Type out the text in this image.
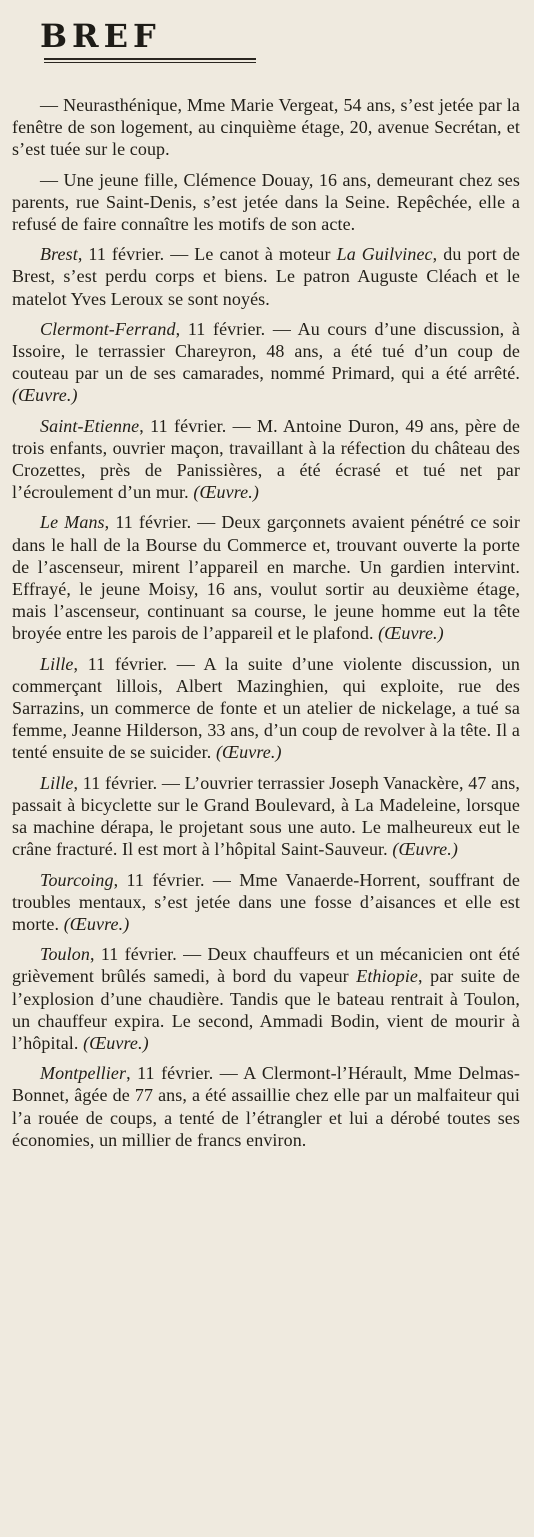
BREF

— Neurasthénique, Mme Marie Vergeat, 54 ans, s’est jetée par la fenêtre de son logement, au cinquième étage, 20, avenue Secrétan, et s’est tuée sur le coup.

— Une jeune fille, Clémence Douay, 16 ans, demeurant chez ses parents, rue Saint-Denis, s’est jetée dans la Seine. Repêchée, elle a refusé de faire connaître les motifs de son acte.

Brest, 11 février. — Le canot à moteur La Guilvinec, du port de Brest, s’est perdu corps et biens. Le patron Auguste Cléach et le matelot Yves Leroux se sont noyés.

Clermont-Ferrand, 11 février. — Au cours d’une discussion, à Issoire, le terrassier Chareyron, 48 ans, a été tué d’un coup de couteau par un de ses camarades, nommé Primard, qui a été arrêté. (Œuvre.)

Saint-Etienne, 11 février. — M. Antoine Duron, 49 ans, père de trois enfants, ouvrier maçon, travaillant à la réfection du château des Crozettes, près de Panissières, a été écrasé et tué net par l’écroulement d’un mur. (Œuvre.)

Le Mans, 11 février. — Deux garçonnets avaient pénétré ce soir dans le hall de la Bourse du Commerce et, trouvant ouverte la porte de l’ascenseur, mirent l’appareil en marche. Un gardien intervint. Effrayé, le jeune Moisy, 16 ans, voulut sortir au deuxième étage, mais l’ascenseur, continuant sa course, le jeune homme eut la tête broyée entre les parois de l’appareil et le plafond. (Œuvre.)

Lille, 11 février. — A la suite d’une violente discussion, un commerçant lillois, Albert Mazinghien, qui exploite, rue des Sarrazins, un commerce de fonte et un atelier de nickelage, a tué sa femme, Jeanne Hilderson, 33 ans, d’un coup de revolver à la tête. Il a tenté ensuite de se suicider. (Œuvre.)

Lille, 11 février. — L’ouvrier terrassier Joseph Vanackère, 47 ans, passait à bicyclette sur le Grand Boulevard, à La Madeleine, lorsque sa machine dérapa, le projetant sous une auto. Le malheureux eut le crâne fracturé. Il est mort à l’hôpital Saint-Sauveur. (Œuvre.)

Tourcoing, 11 février. — Mme Vanaerde-Horrent, souffrant de troubles mentaux, s’est jetée dans une fosse d’aisances et elle est morte. (Œuvre.)

Toulon, 11 février. — Deux chauffeurs et un mécanicien ont été grièvement brûlés samedi, à bord du vapeur Ethiopie, par suite de l’explosion d’une chaudière. Tandis que le bateau rentrait à Toulon, un chauffeur expira. Le second, Ammadi Bodin, vient de mourir à l’hôpital. (Œuvre.)

Montpellier, 11 février. — A Clermont-l’Hérault, Mme Delmas-Bonnet, âgée de 77 ans, a été assaillie chez elle par un malfaiteur qui l’a rouée de coups, a tenté de l’étrangler et lui a dérobé toutes ses économies, un millier de francs environ.
